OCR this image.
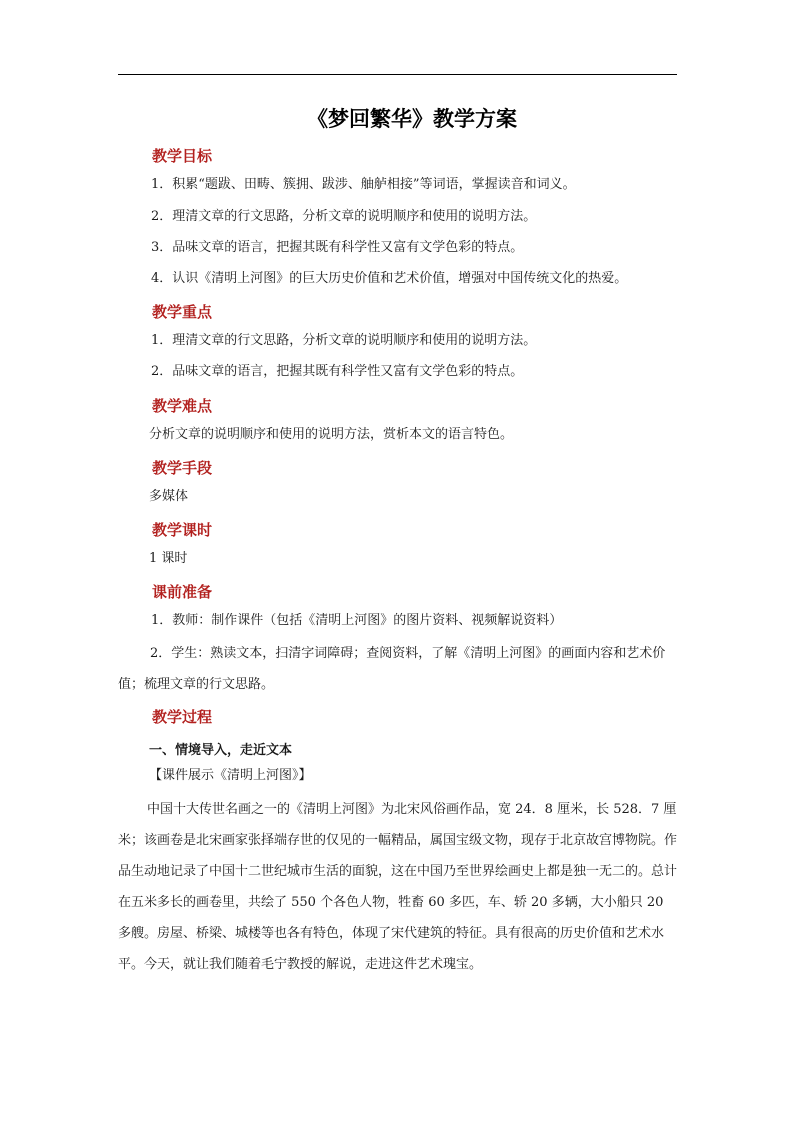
《梦回繁华》教学方案
教学目标
1．积累“题跋、田畴、簇拥、跋涉、舳舻相接”等词语，掌握读音和词义。
2．理清文章的行文思路，分析文章的说明顺序和使用的说明方法。
3．品味文章的语言，把握其既有科学性又富有文学色彩的特点。
4．认识《清明上河图》的巨大历史价值和艺术价值，增强对中国传统文化的热爱。
教学重点
1．理清文章的行文思路，分析文章的说明顺序和使用的说明方法。
2．品味文章的语言，把握其既有科学性又富有文学色彩的特点。
教学难点
分析文章的说明顺序和使用的说明方法，赏析本文的语言特色。
教学手段
多媒体
教学课时
1 课时
课前准备
1．教师：制作课件（包括《清明上河图》的图片资料、视频解说资料）
2．学生：熟读文本，扫清字词障碍；查阅资料，了解《清明上河图》的画面内容和艺术价值；梳理文章的行文思路。
教学过程
一、情境导入，走近文本
【课件展示《清明上河图》】
中国十大传世名画之一的《清明上河图》为北宋风俗画作品，宽 24．8 厘米，长 528．7 厘米；该画卷是北宋画家张择端存世的仅见的一幅精品，属国宝级文物，现存于北京故宫博物院。作品生动地记录了中国十二世纪城市生活的面貌，这在中国乃至世界绘画史上都是独一无二的。总计在五米多长的画卷里，共绘了 550 个各色人物，牲畜 60 多匹，车、轿 20 多辆，大小船只 20 多艘。房屋、桥梁、城楼等也各有特色，体现了宋代建筑的特征。具有很高的历史价值和艺术水平。今天，就让我们随着毛宁教授的解说，走进这件艺术瑰宝。
